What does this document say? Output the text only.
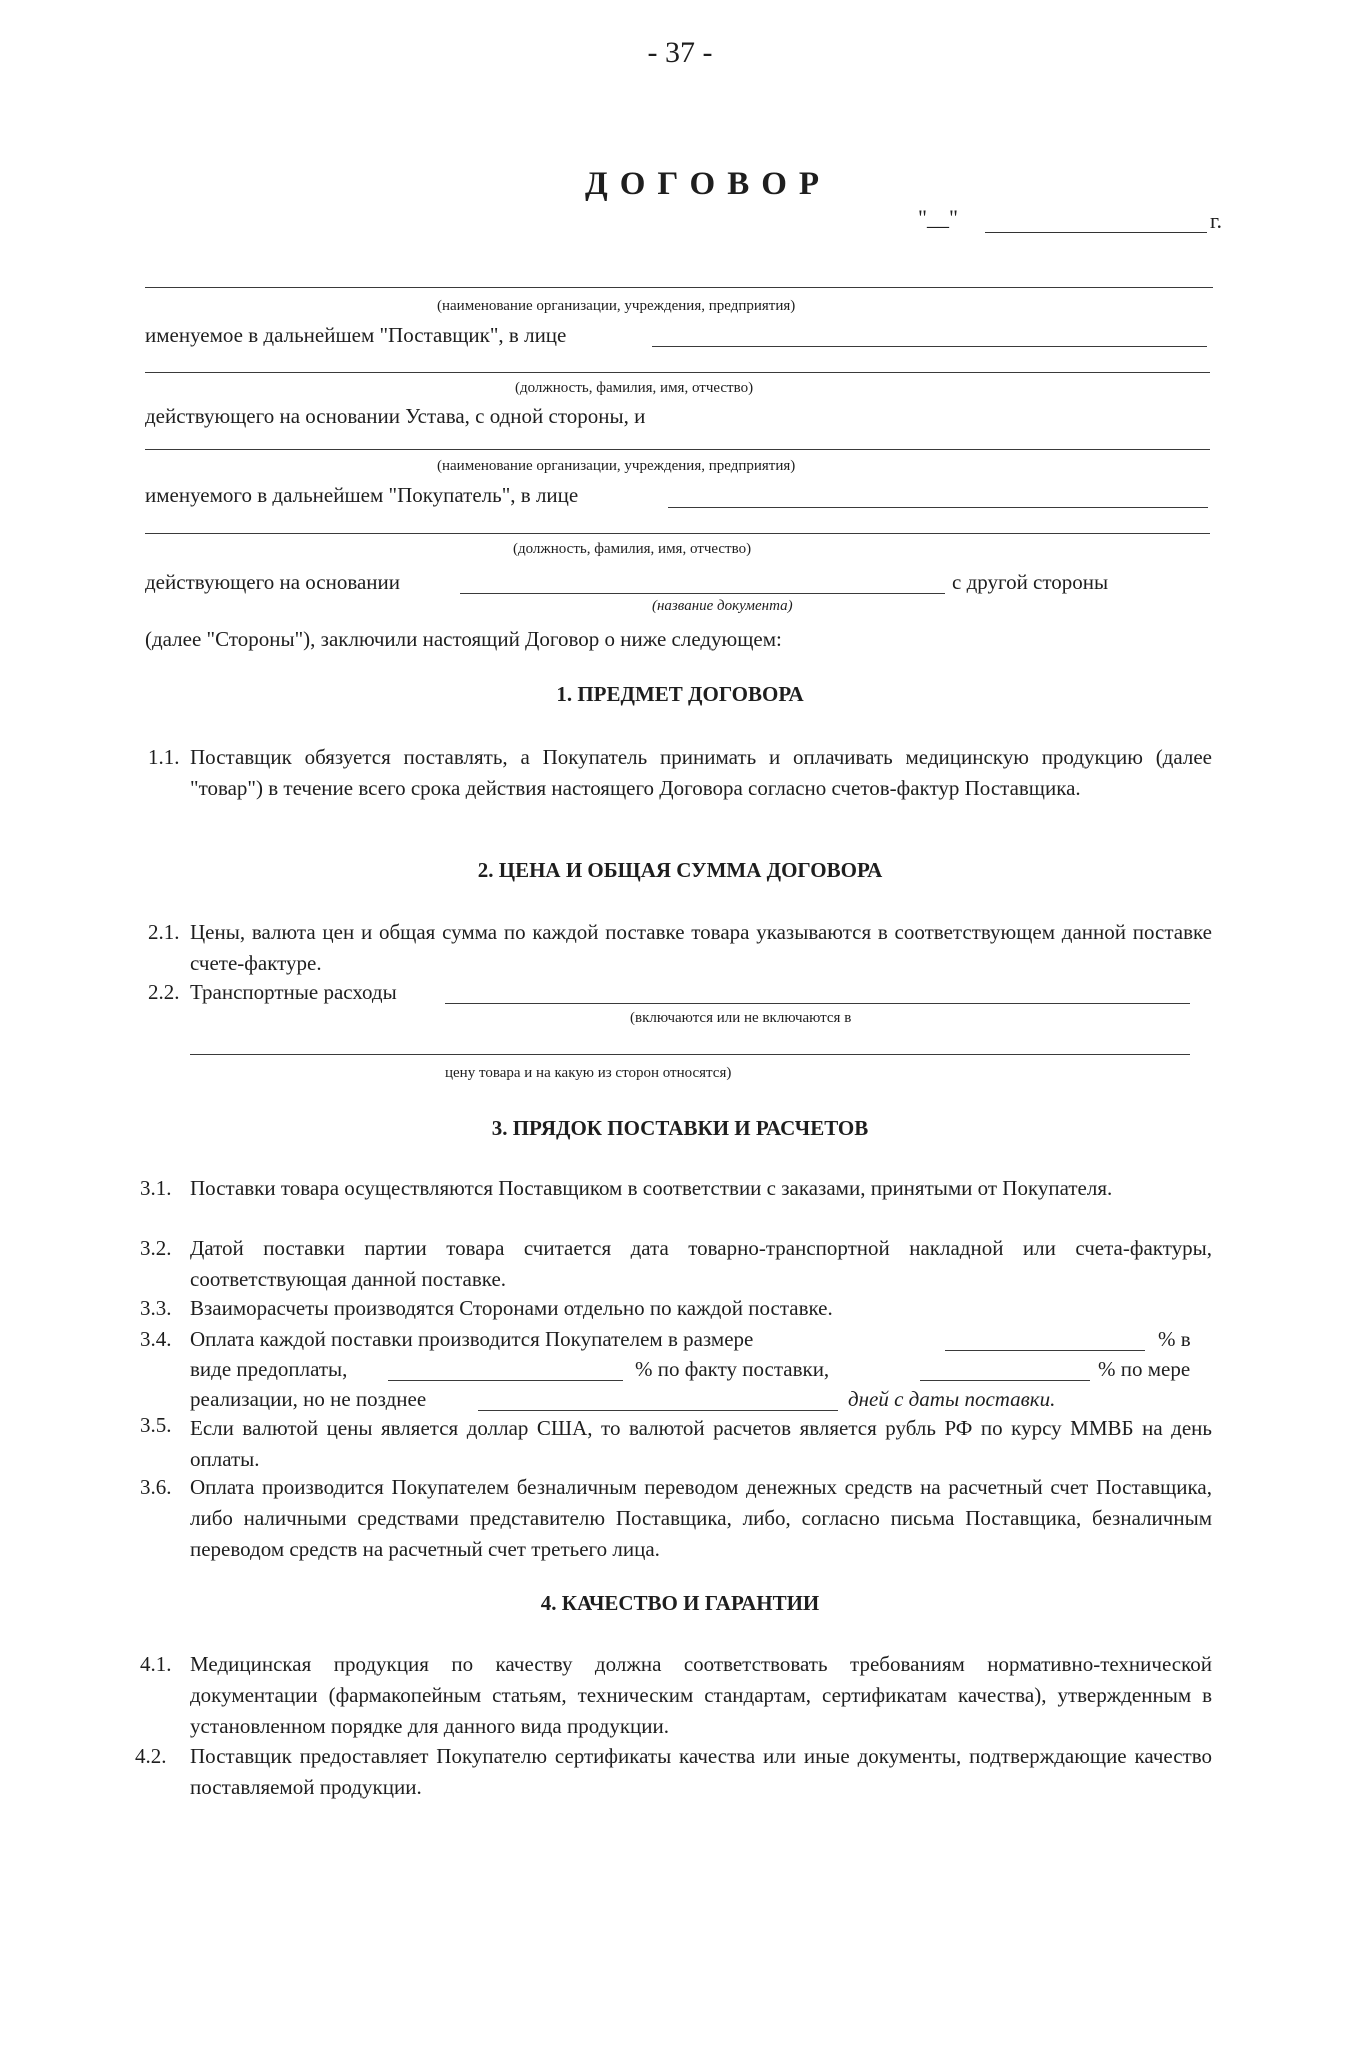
- 37 -
ДОГОВОР
"__"	г.
(наименование организации, учреждения, предприятия)
именуемое в дальнейшем "Поставщик", в лице
(должность, фамилия, имя, отчество)
действующего на основании Устава, с одной стороны, и
(наименование организации, учреждения, предприятия)
именуемого в дальнейшем "Покупатель", в лице
(должность, фамилия, имя, отчество)
действующего на основании	с другой стороны
(название документа)
(далее "Стороны"), заключили настоящий Договор о ниже следующем:
1. ПРЕДМЕТ ДОГОВОРА
1.1. Поставщик обязуется поставлять, а Покупатель принимать и оплачивать медицинскую продукцию (далее "товар") в течение всего срока действия настоящего Договора согласно счетов-фактур Поставщика.
2. ЦЕНА И ОБЩАЯ СУММА ДОГОВОРА
2.1. Цены, валюта цен и общая сумма по каждой поставке товара указываются в соответствующем данной поставке счете-фактуре.
2.2. Транспортные расходы
(включаются или не включаются в
цену товара и на какую из сторон относятся)
3. ПРЯДОК ПОСТАВКИ И РАСЧЕТОВ
3.1. Поставки товара осуществляются Поставщиком в соответствии с заказами, принятыми от Покупателя.
3.2. Датой поставки партии товара считается дата товарно-транспортной накладной или счета-фактуры, соответствующая данной поставке.
3.3. Взаиморасчеты производятся Сторонами отдельно по каждой поставке.
3.4. Оплата каждой поставки производится Покупателем в размере	% в
виде предоплаты,	% по факту поставки,	% по мере
реализации, но не позднее	дней с даты поставки.
3.5. Если валютой цены является доллар США, то валютой расчетов является рубль РФ по курсу ММВБ на день оплаты.
3.6. Оплата производится Покупателем безналичным переводом денежных средств на расчетный счет Поставщика, либо наличными средствами представителю Поставщика, либо, согласно письма Поставщика, безналичным переводом средств на расчетный счет третьего лица.
4. КАЧЕСТВО И ГАРАНТИИ
4.1. Медицинская продукция по качеству должна соответствовать требованиям нормативно-технической документации (фармакопейным статьям, техническим стандартам, сертификатам качества), утвержденным в установленном порядке для данного вида продукции.
4.2. Поставщик предоставляет Покупателю сертификаты качества или иные документы, подтверждающие качество поставляемой продукции.
